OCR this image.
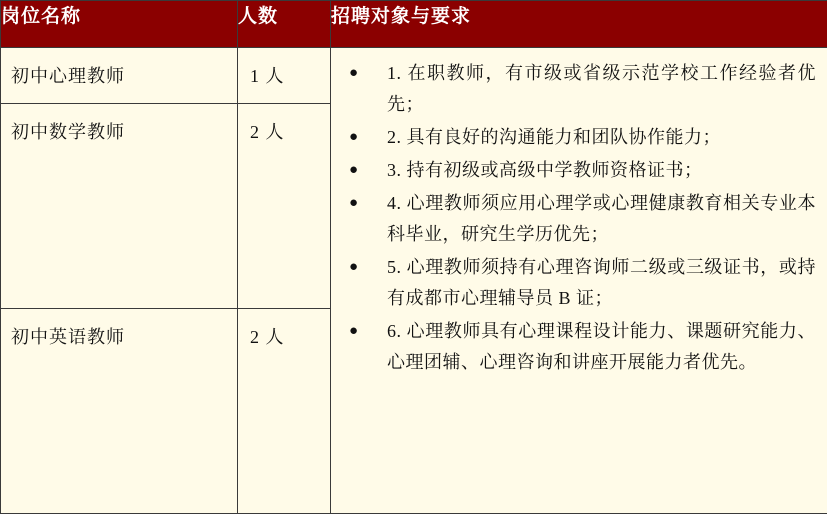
岗位名称	人数	招聘对象与要求
初中心理教师	1 人	● 1. 在职教师，有市级或省级示范学校工作经验者优先；
● 2. 具有良好的沟通能力和团队协作能力；
● 3. 持有初级或高级中学教师资格证书；
● 4. 心理教师须应用心理学或心理健康教育相关专业本科毕业，研究生学历优先；
● 5. 心理教师须持有心理咨询师二级或三级证书，或持有成都市心理辅导员 B 证；
● 6. 心理教师具有心理课程设计能力、课题研究能力、心理团辅、心理咨询和讲座开展能力者优先。

初中数学教师	2 人	
初中英语教师	2 人	
